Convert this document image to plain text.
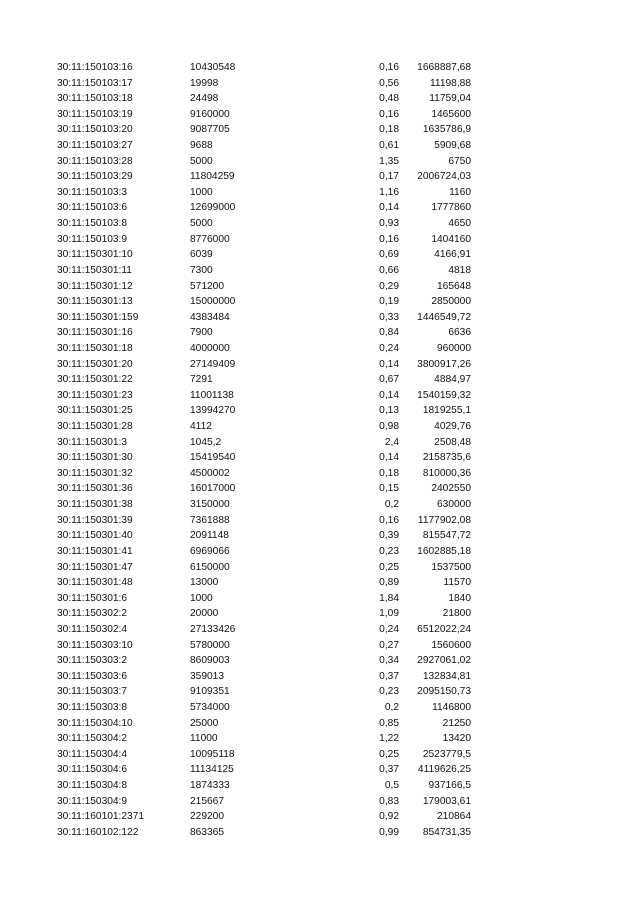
30:11:150103:16	10430548	0,16 1668887,68
30:11:150103:17	19998	0,56	11198,88
30:11:150103:18	24498	0,48	11759,04
30:11:150103:19	9160000	0,16	1465600
30:11:150103:20	9087705	0,18 1635786,9
30:11:150103:27	9688	0,61	5909,68
30:11:150103:28	5000	1,35	6750
30:11:150103:29	11804259	0,17 2006724,03
30:11:150103:3	1000	1,16	1160
30:11:150103:6	12699000	0,14	1777860
30:11:150103:8	5000	0,93	4650
30:11:150103:9	8776000	0,16	1404160
30:11:150301:10	6039	0,69	4166,91
30:11:150301:11	7300	0,66	4818
30:11:150301:12	571200	0,29	165648
30:11:150301:13	15000000	0,19	2850000
30:11:150301:159	4383484	0,33 1446549,72
30:11:150301:16	7900	0,84	6636
30:11:150301:18	4000000	0,24	960000
30:11:150301:20	27149409	0,14 3800917,26
30:11:150301:22	7291	0,67	4884,97
30:11:150301:23	11001138	0,14 1540159,32
30:11:150301:25	13994270	0,13 1819255,1
30:11:150301:28	4112	0,98	4029,76
30:11:150301:3	1045,2	2,4	2508,48
30:11:150301:30	15419540	0,14 2158735,6
30:11:150301:32	4500002	0,18 810000,36
30:11:150301:36	16017000	0,15	2402550
30:11:150301:38	3150000	0,2	630000
30:11:150301:39	7361888	0,16 1177902,08
30:11:150301:40	2091148	0,39 815547,72
30:11:150301:41	6969066	0,23 1602885,18
30:11:150301:47	6150000	0,25	1537500
30:11:150301:48	13000	0,89	11570
30:11:150301:6	1000	1,84	1840
30:11:150302:2	20000	1,09	21800
30:11:150302:4	27133426	0,24 6512022,24
30:11:150303:10	5780000	0,27	1560600
30:11:150303:2	8609003	0,34 2927061,02
30:11:150303:6	359013	0,37 132834,81
30:11:150303:7	9109351	0,23 2095150,73
30:11:150303:8	5734000	0,2	1146800
30:11:150304:10	25000	0,85	21250
30:11:150304:2	11000	1,22	13420
30:11:150304:4	10095118	0,25 2523779,5
30:11:150304:6	11134125	0,37 4119626,25
30:11:150304:8	1874333	0,5	937166,5
30:11:150304:9	215667	0,83 179003,61
30:11:160101:2371	229200	0,92	210864
30:11:160102:122	863365	0,99 854731,35
